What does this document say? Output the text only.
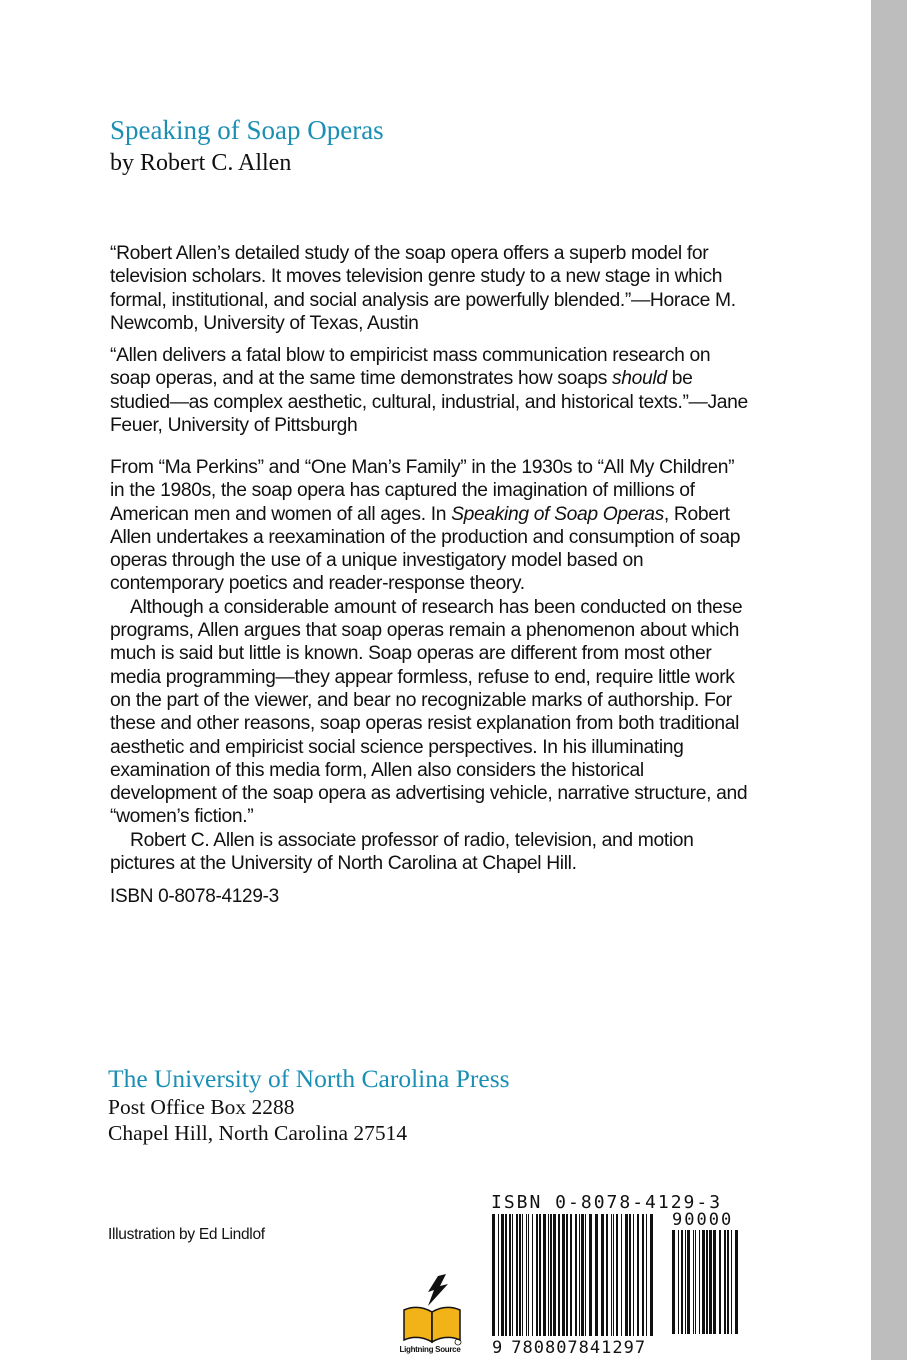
Speaking of Soap Operas
by Robert C. Allen

“Robert Allen’s detailed study of the soap opera offers a superb model for television scholars. It moves television genre study to a new stage in which formal, institutional, and social analysis are powerfully blended.”—Horace M. Newcomb, University of Texas, Austin

“Allen delivers a fatal blow to empiricist mass communication research on soap operas, and at the same time demonstrates how soaps should be studied—as complex aesthetic, cultural, industrial, and historical texts.”—Jane Feuer, University of Pittsburgh

From “Ma Perkins” and “One Man’s Family” in the 1930s to “All My Children” in the 1980s, the soap opera has captured the imagination of millions of American men and women of all ages. In Speaking of Soap Operas, Robert Allen undertakes a reexamination of the production and consumption of soap operas through the use of a unique investigatory model based on contemporary poetics and reader-response theory.

Although a considerable amount of research has been conducted on these programs, Allen argues that soap operas remain a phenomenon about which much is said but little is known. Soap operas are different from most other media programming—they appear formless, refuse to end, require little work on the part of the viewer, and bear no recognizable marks of authorship. For these and other reasons, soap operas resist explanation from both traditional aesthetic and empiricist social science perspectives. In his illuminating examination of this media form, Allen also considers the historical development of the soap opera as advertising vehicle, narrative structure, and “women’s fiction.”

Robert C. Allen is associate professor of radio, television, and motion pictures at the University of North Carolina at Chapel Hill.

ISBN 0-8078-4129-3
The University of North Carolina Press
Post Office Box 2288
Chapel Hill, North Carolina 27514
Illustration by Ed Lindlof
Lightning Source
ISBN 0-8078-4129-3
90000
9 780807841297
